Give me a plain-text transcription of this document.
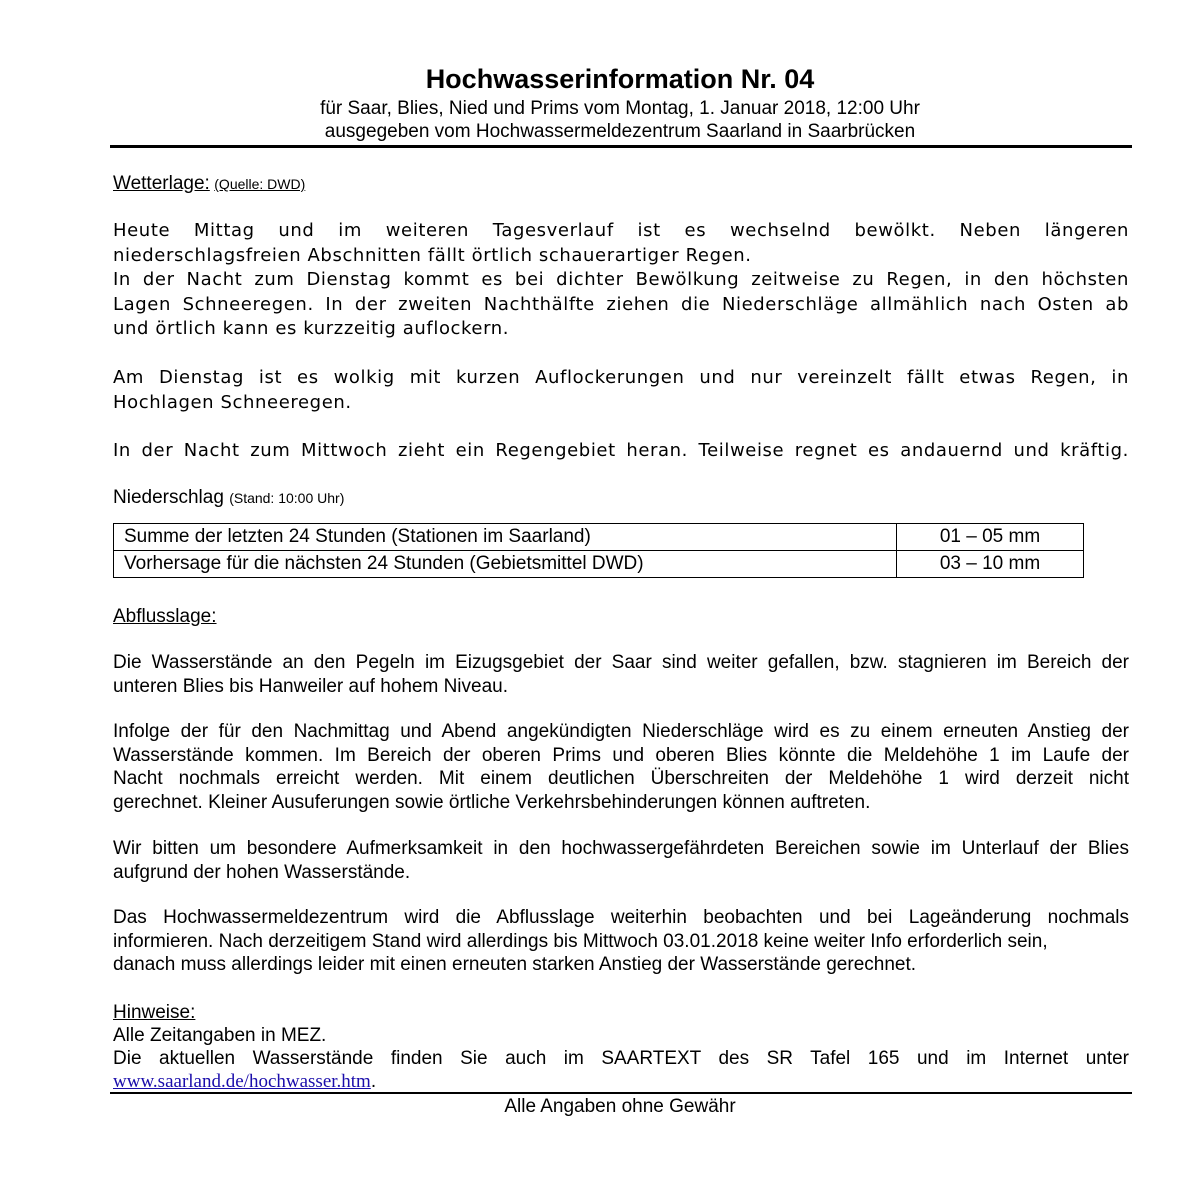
Hochwasserinformation Nr. 04
für Saar, Blies, Nied und Prims vom Montag, 1. Januar 2018, 12:00 Uhr
ausgegeben vom Hochwassermeldezentrum Saarland in Saarbrücken
Wetterlage: (Quelle: DWD)
Heute Mittag und im weiteren Tagesverlauf ist es wechselnd bewölkt. Neben längeren
niederschlagsfreien Abschnitten fällt örtlich schauerartiger Regen.
In der Nacht zum Dienstag kommt es bei dichter Bewölkung zeitweise zu Regen, in den höchsten
Lagen Schneeregen. In der zweiten Nachthälfte ziehen die Niederschläge allmählich nach Osten ab
und örtlich kann es kurzzeitig auflockern.
Am Dienstag ist es wolkig mit kurzen Auflockerungen und nur vereinzelt fällt etwas Regen, in
Hochlagen Schneeregen.
In der Nacht zum Mittwoch zieht ein Regengebiet heran. Teilweise regnet es andauernd und kräftig.
Niederschlag (Stand: 10:00 Uhr)
Summe der letzten 24 Stunden (Stationen im Saarland)	01 – 05 mm
Vorhersage für die nächsten 24 Stunden (Gebietsmittel DWD)	03 – 10 mm
Abflusslage:
Die Wasserstände an den Pegeln im Eizugsgebiet der Saar sind weiter gefallen, bzw. stagnieren im Bereich der
unteren Blies bis Hanweiler auf hohem Niveau.
Infolge der für den Nachmittag und Abend angekündigten Niederschläge wird es zu einem erneuten Anstieg der
Wasserstände kommen. Im Bereich der oberen Prims und oberen Blies könnte die Meldehöhe 1 im Laufe der
Nacht nochmals erreicht werden. Mit einem deutlichen Überschreiten der Meldehöhe 1 wird derzeit nicht
gerechnet. Kleiner Ausuferungen sowie örtliche Verkehrsbehinderungen können auftreten.
Wir bitten um besondere Aufmerksamkeit in den hochwassergefährdeten Bereichen sowie im Unterlauf der Blies
aufgrund der hohen Wasserstände.
Das Hochwassermeldezentrum wird die Abflusslage weiterhin beobachten und bei Lageänderung nochmals
informieren. Nach derzeitigem Stand wird allerdings bis Mittwoch 03.01.2018 keine weiter Info erforderlich sein,
danach muss allerdings leider mit einen erneuten starken Anstieg der Wasserstände gerechnet.
Hinweise:
Alle Zeitangaben in MEZ.
Die aktuellen Wasserstände finden Sie auch im SAARTEXT des SR Tafel 165 und im Internet unter
www.saarland.de/hochwasser.htm.
Alle Angaben ohne Gewähr
